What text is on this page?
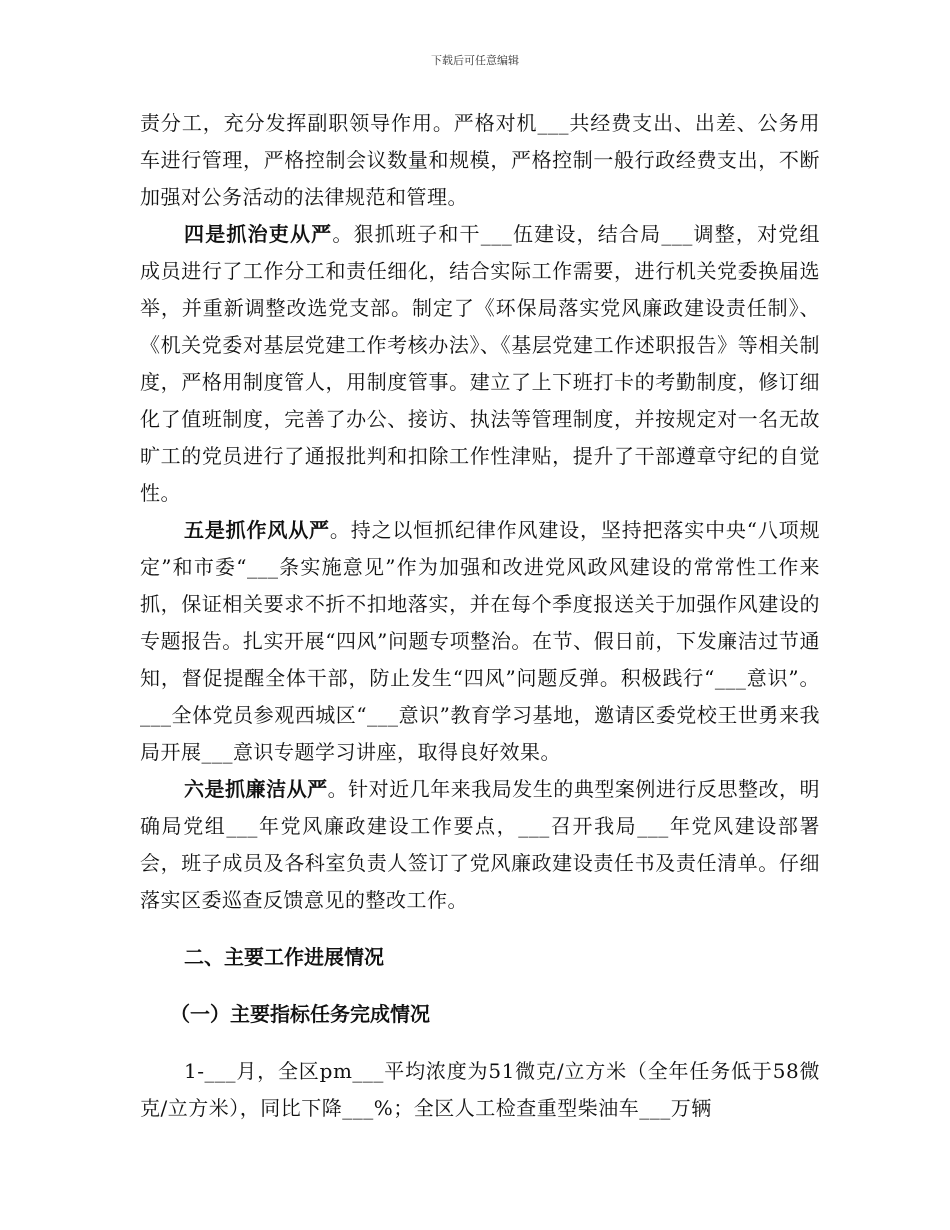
下载后可任意编辑

责分工，充分发挥副职领导作用。严格对机___共经费支出、出差、公务用车进行管理，严格控制会议数量和规模，严格控制一般行政经费支出，不断加强对公务活动的法律规范和管理。

四是抓治吏从严。狠抓班子和干___伍建设，结合局___调整，对党组成员进行了工作分工和责任细化，结合实际工作需要，进行机关党委换届选举，并重新调整改选党支部。制定了《环保局落实党风廉政建设责任制》、《机关党委对基层党建工作考核办法》、《基层党建工作述职报告》等相关制度，严格用制度管人，用制度管事。建立了上下班打卡的考勤制度，修订细化了值班制度，完善了办公、接访、执法等管理制度，并按规定对一名无故旷工的党员进行了通报批判和扣除工作性津贴，提升了干部遵章守纪的自觉性。

五是抓作风从严。持之以恒抓纪律作风建设，坚持把落实中央“八项规定”和市委“___条实施意见”作为加强和改进党风政风建设的常常性工作来抓，保证相关要求不折不扣地落实，并在每个季度报送关于加强作风建设的专题报告。扎实开展“四风”问题专项整治。在节、假日前，下发廉洁过节通知，督促提醒全体干部，防止发生“四风”问题反弹。积极践行“___意识”。___全体党员参观西城区“___意识”教育学习基地，邀请区委党校王世勇来我局开展___意识专题学习讲座，取得良好效果。

六是抓廉洁从严。针对近几年来我局发生的典型案例进行反思整改，明确局党组___年党风廉政建设工作要点，___召开我局___年党风建设部署会，班子成员及各科室负责人签订了党风廉政建设责任书及责任清单。仔细落实区委巡查反馈意见的整改工作。

二、主要工作进展情况

（一）主要指标任务完成情况

1-___月，全区pm___平均浓度为51微克/立方米（全年任务低于58微克/立方米），同比下降___%；全区人工检查重型柴油车___万辆
